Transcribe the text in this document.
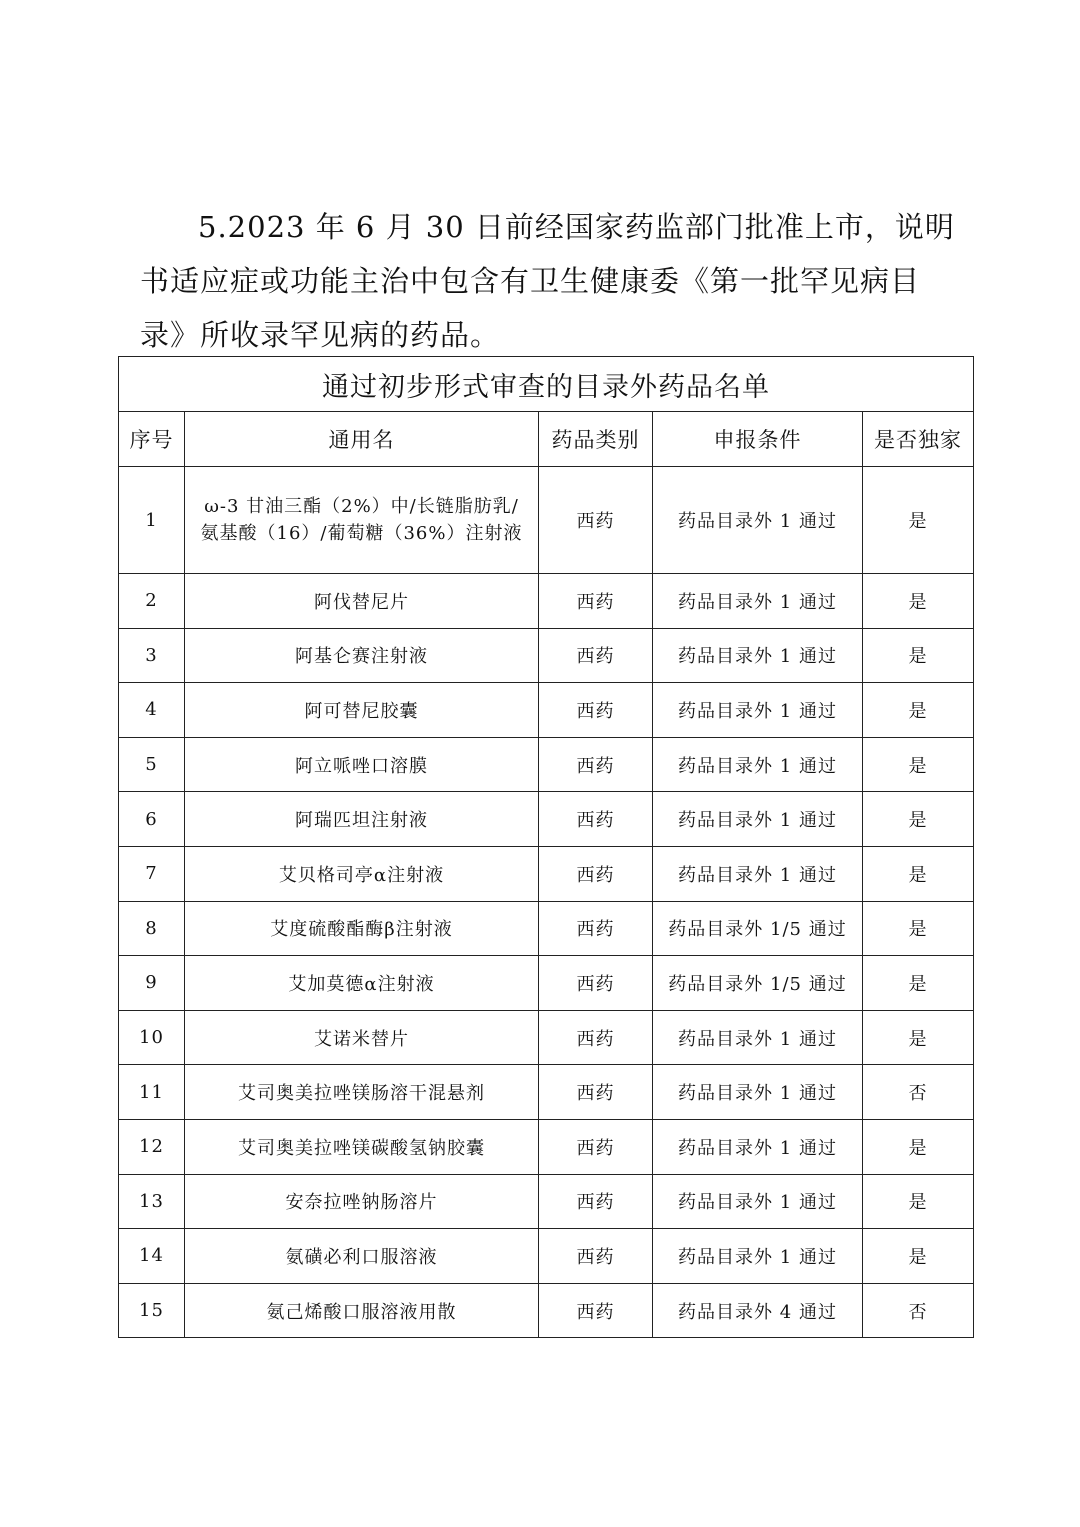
5.2023 年 6 月 30 日前经国家药监部门批准上市，说明书适应症或功能主治中包含有卫生健康委《第一批罕见病目录》所收录罕见病的药品。

通过初步形式审查的目录外药品名单				
序号	通用名	药品类别	申报条件	是否独家
1	ω-3 甘油三酯（2%）中/长链脂肪乳/
氨基酸（16）/葡萄糖（36%）注射液	西药	药品目录外 1 通过	是
2	阿伐替尼片	西药	药品目录外 1 通过	是
3	阿基仑赛注射液	西药	药品目录外 1 通过	是
4	阿可替尼胶囊	西药	药品目录外 1 通过	是
5	阿立哌唑口溶膜	西药	药品目录外 1 通过	是
6	阿瑞匹坦注射液	西药	药品目录外 1 通过	是
7	艾贝格司亭α注射液	西药	药品目录外 1 通过	是
8	艾度硫酸酯酶β注射液	西药	药品目录外 1/5 通过	是
9	艾加莫德α注射液	西药	药品目录外 1/5 通过	是
10	艾诺米替片	西药	药品目录外 1 通过	是
11	艾司奥美拉唑镁肠溶干混悬剂	西药	药品目录外 1 通过	否
12	艾司奥美拉唑镁碳酸氢钠胶囊	西药	药品目录外 1 通过	是
13	安奈拉唑钠肠溶片	西药	药品目录外 1 通过	是
14	氨磺必利口服溶液	西药	药品目录外 1 通过	是
15	氨己烯酸口服溶液用散	西药	药品目录外 4 通过	否
